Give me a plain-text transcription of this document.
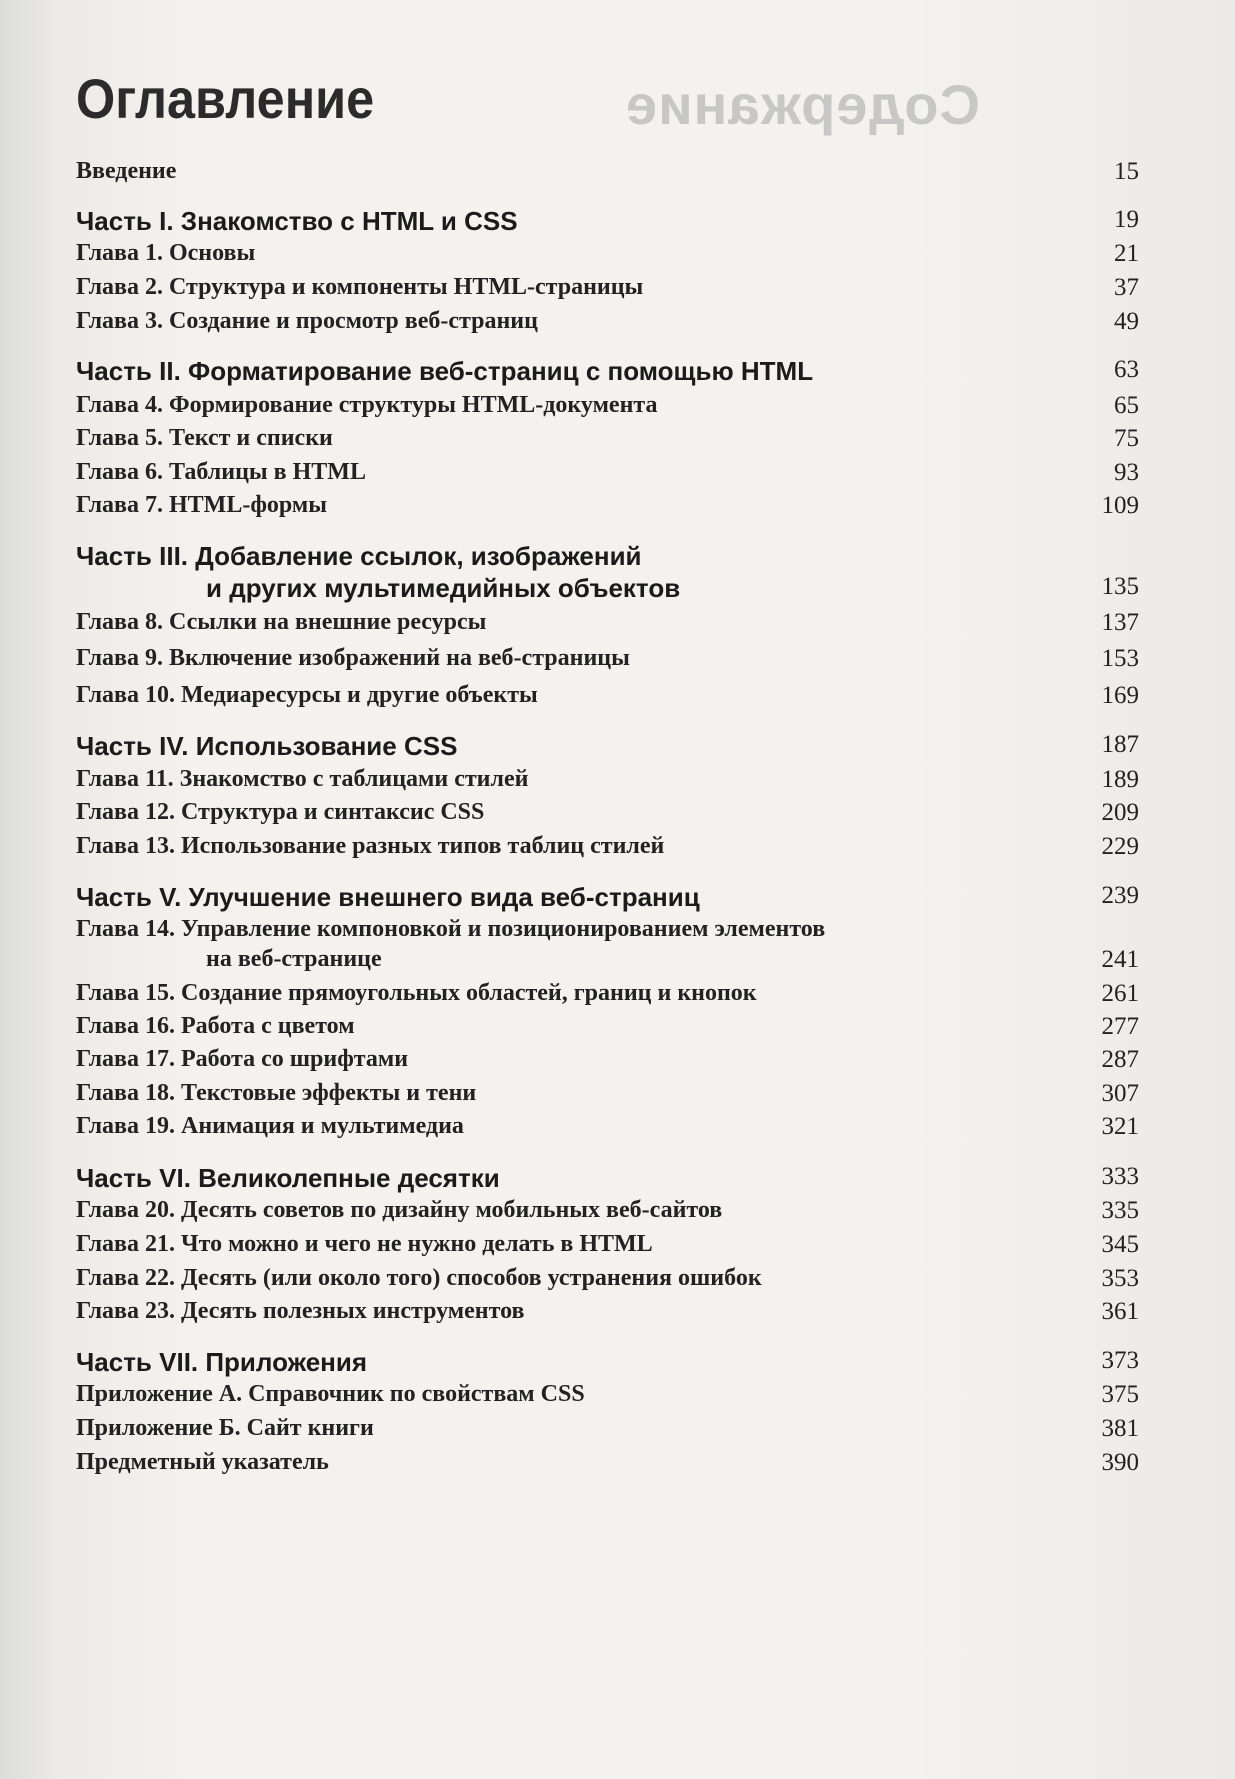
Содержание
Оглавление
Введение	15
Часть I. Знакомство с HTML и CSS	19
Глава 1. Основы	21
Глава 2. Структура и компоненты HTML-страницы	37
Глава 3. Создание и просмотр веб-страниц	49
Часть II. Форматирование веб-страниц с помощью HTML	63
Глава 4. Формирование структуры HTML-документа	65
Глава 5. Текст и списки	75
Глава 6. Таблицы в HTML	93
Глава 7. HTML-формы	109
Часть III. Добавление ссылок, изображений
и других мультимедийных объектов	135
Глава 8. Ссылки на внешние ресурсы	137
Глава 9. Включение изображений на веб-страницы	153
Глава 10. Медиаресурсы и другие объекты	169
Часть IV. Использование CSS	187
Глава 11. Знакомство с таблицами стилей	189
Глава 12. Структура и синтаксис CSS	209
Глава 13. Использование разных типов таблиц стилей	229
Часть V. Улучшение внешнего вида веб-страниц	239
Глава 14. Управление компоновкой и позиционированием элементов
на веб-странице	241
Глава 15. Создание прямоугольных областей, границ и кнопок	261
Глава 16. Работа с цветом	277
Глава 17. Работа со шрифтами	287
Глава 18. Текстовые эффекты и тени	307
Глава 19. Анимация и мультимедиа	321
Часть VI. Великолепные десятки	333
Глава 20. Десять советов по дизайну мобильных веб-сайтов	335
Глава 21. Что можно и чего не нужно делать в HTML	345
Глава 22. Десять (или около того) способов устранения ошибок	353
Глава 23. Десять полезных инструментов	361
Часть VII. Приложения	373
Приложение А. Справочник по свойствам CSS	375
Приложение Б. Сайт книги	381
Предметный указатель	390
